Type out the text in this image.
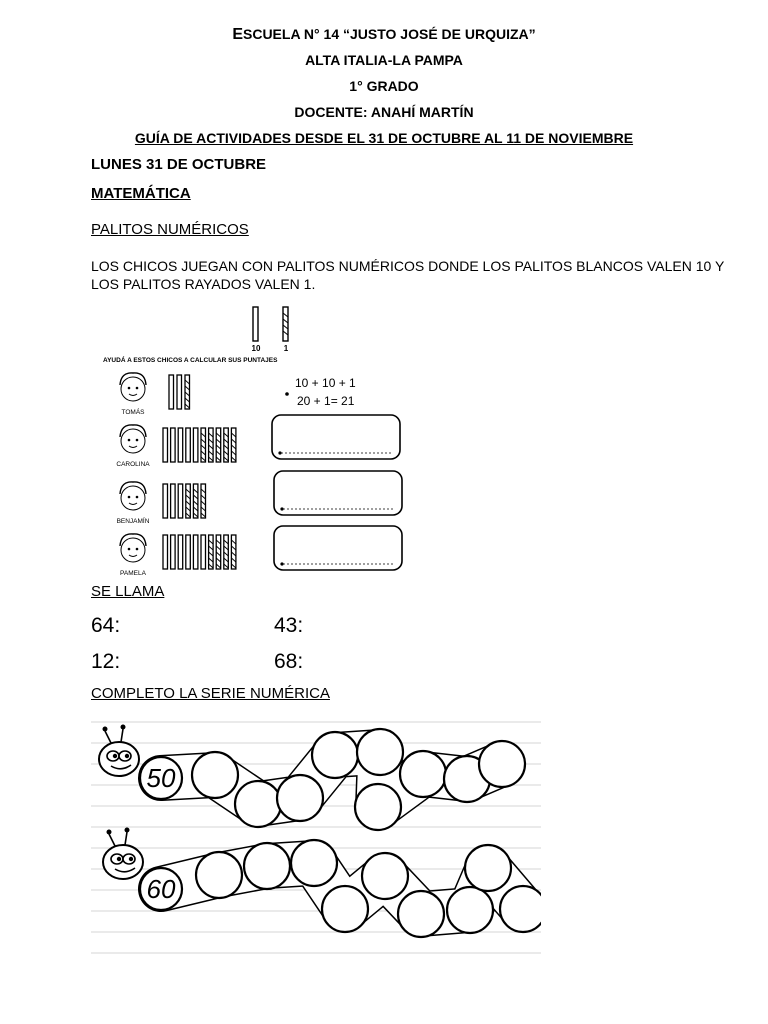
ESCUELA N° 14 “JUSTO JOSÉ DE URQUIZA”
ALTA ITALIA-LA PAMPA
1° GRADO
DOCENTE: ANAHÍ MARTÍN
GUÍA DE ACTIVIDADES DESDE EL 31 DE OCTUBRE AL 11 DE NOVIEMBRE
LUNES 31 DE OCTUBRE
MATEMÁTICA
PALITOS NUMÉRICOS
LOS CHICOS JUEGAN CON PALITOS NUMÉRICOS DONDE LOS PALITOS BLANCOS VALEN 10 Y LOS PALITOS RAYADOS VALEN 1.
10	1
AYUDÁ A ESTOS CHICOS A CALCULAR SUS PUNTAJES
TOMÁS
CAROLINA
BENJAMÍN
PAMELA
10 + 10 + 1
20 + 1= 21
SE LLAMA
64:	43:
12:	68:
COMPLETO LA SERIE NUMÉRICA
50
60
